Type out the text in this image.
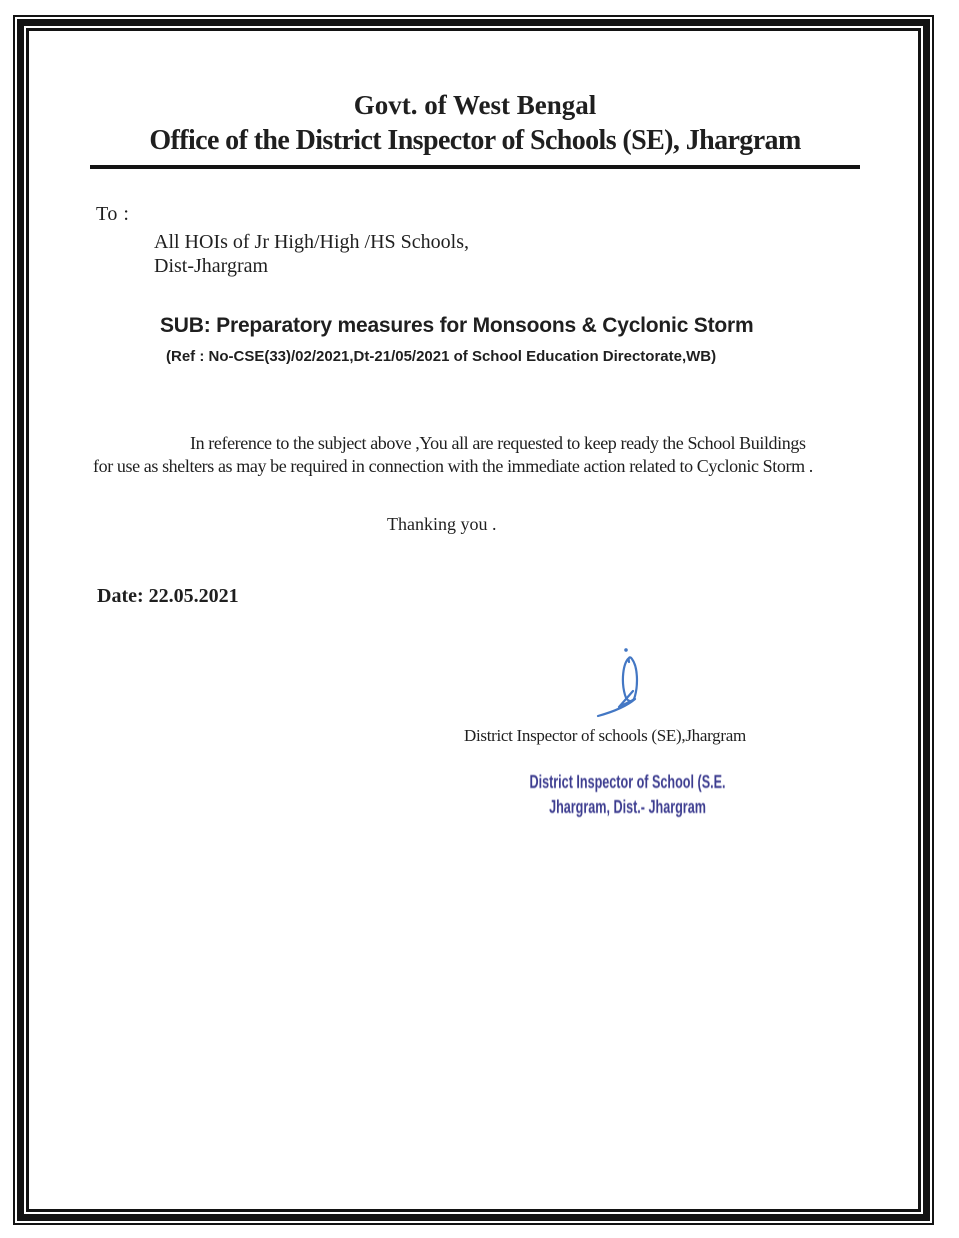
Govt. of West Bengal
Office of the District Inspector of Schools (SE), Jhargram
To :
All HOIs of Jr High/High /HS Schools,
Dist-Jhargram
SUB: Preparatory measures for Monsoons & Cyclonic Storm
(Ref : No-CSE(33)/02/2021,Dt-21/05/2021 of School Education Directorate,WB)
In reference to the subject above ,You all are requested to keep ready the School Buildings
for use as shelters as may be required in connection with the immediate action related to Cyclonic Storm .
Thanking you .
Date: 22.05.2021
District Inspector of schools (SE),Jhargram
District Inspector of School (S.E.
Jhargram, Dist.- Jhargram
